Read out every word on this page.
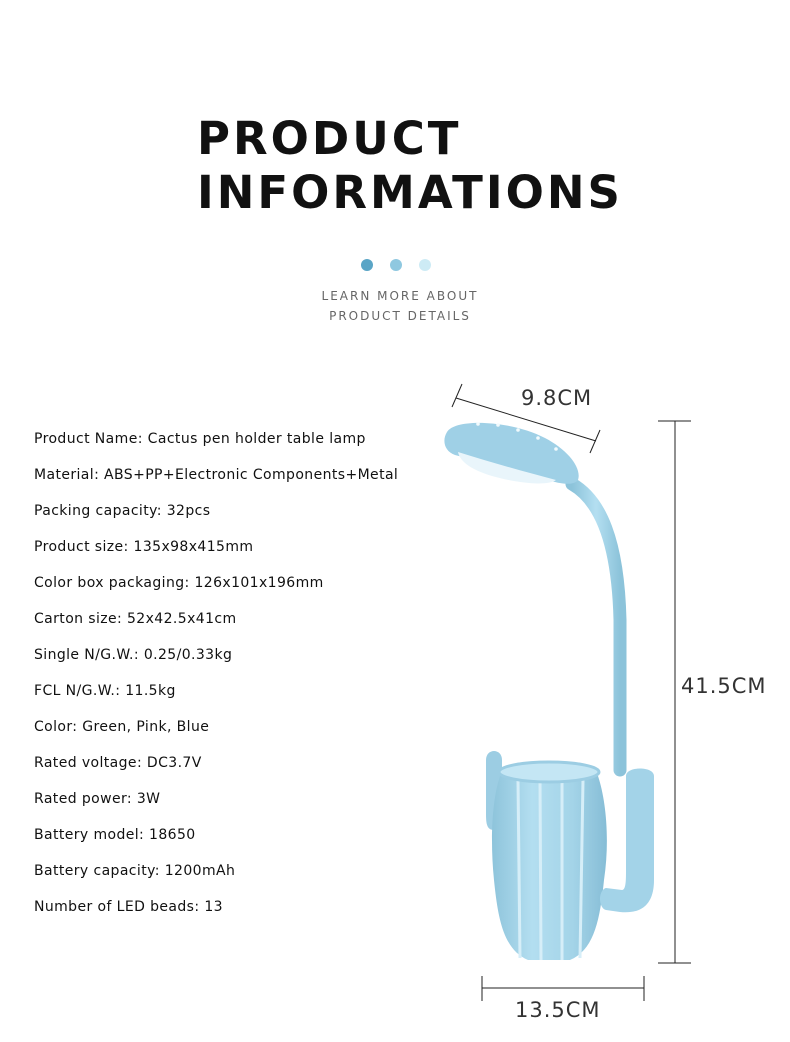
PRODUCT
INFORMATIONS
LEARN MORE ABOUT
PRODUCT DETAILS
Product Name: Cactus pen holder table lamp
Material: ABS+PP+Electronic Components+Metal
Packing capacity: 32pcs
Product size: 135x98x415mm
Color box packaging: 126x101x196mm
Carton size: 52x42.5x41cm
Single N/G.W.: 0.25/0.33kg
FCL N/G.W.: 11.5kg
Color: Green, Pink, Blue
Rated voltage: DC3.7V
Rated power: 3W
Battery model: 18650
Battery capacity: 1200mAh
Number of LED beads: 13
9.8CM
41.5CM
13.5CM
